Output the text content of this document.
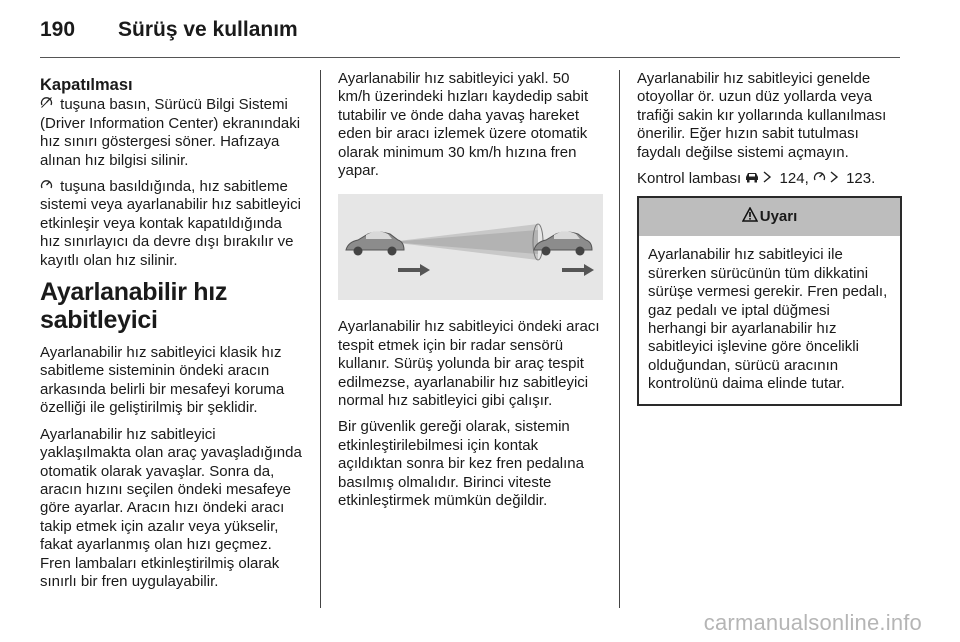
190 Sürüş ve kullanım
Kapatılması

tuşuna basın, Sürücü Bilgi Sistemi (Driver Information Center) ekranındaki hız sınırı göstergesi söner. Hafızaya alınan hız bilgisi silinir.

tuşuna basıldığında, hız sabitleme sistemi veya ayarlanabilir hız sabitleyici etkinleşir veya kontak kapatıldığında hız sınırlayıcı da devre dışı bırakılır ve kayıtlı olan hız silinir.

Ayarlanabilir hız sabitleyici

Ayarlanabilir hız sabitleyici klasik hız sabitleme sisteminin öndeki aracın arkasında belirli bir mesafeyi koruma özelliği ile geliştirilmiş bir şeklidir.

Ayarlanabilir hız sabitleyici yaklaşılmakta olan araç yavaşladığında otomatik olarak yavaşlar. Sonra da, aracın hızını seçilen öndeki mesafeye göre ayarlar. Aracın hızı öndeki aracı takip etmek için azalır veya yükselir, fakat ayarlanmış olan hızı geçmez. Fren lambaları etkinleştirilmiş olarak sınırlı bir fren uygulayabilir.

Ayarlanabilir hız sabitleyici yakl. 50 km/h üzerindeki hızları kaydedip sabit tutabilir ve önde daha yavaş hareket eden bir aracı izlemek üzere otomatik olarak minimum 30 km/h hızına fren yapar.

Ayarlanabilir hız sabitleyici öndeki aracı tespit etmek için bir radar sensörü kullanır. Sürüş yolunda bir araç tespit edilmezse, ayarlanabilir hız sabitleyici normal hız sabitleyici gibi çalışır.

Bir güvenlik gereği olarak, sistemin etkinleştirilebilmesi için kontak açıldıktan sonra bir kez fren pedalına basılmış olmalıdır. Birinci viteste etkinleştirmek mümkün değildir.

Ayarlanabilir hız sabitleyici genelde otoyollar ör. uzun düz yollarda veya trafiği sakin kır yollarında kullanılması önerilir. Eğer hızın sabit tutulması faydalı değilse sistemi açmayın.

Kontrol lambası  124,  123.

Uyarı
Ayarlanabilir hız sabitleyici ile sürerken sürücünün tüm dikkatini sürüşe vermesi gerekir. Fren pedalı, gaz pedalı ve iptal düğmesi herhangi bir ayarlanabilir hız sabitleyici işlevine göre öncelikli olduğundan, sürücü aracının kontrolünü daima elinde tutar.
carmanualsonline.info
